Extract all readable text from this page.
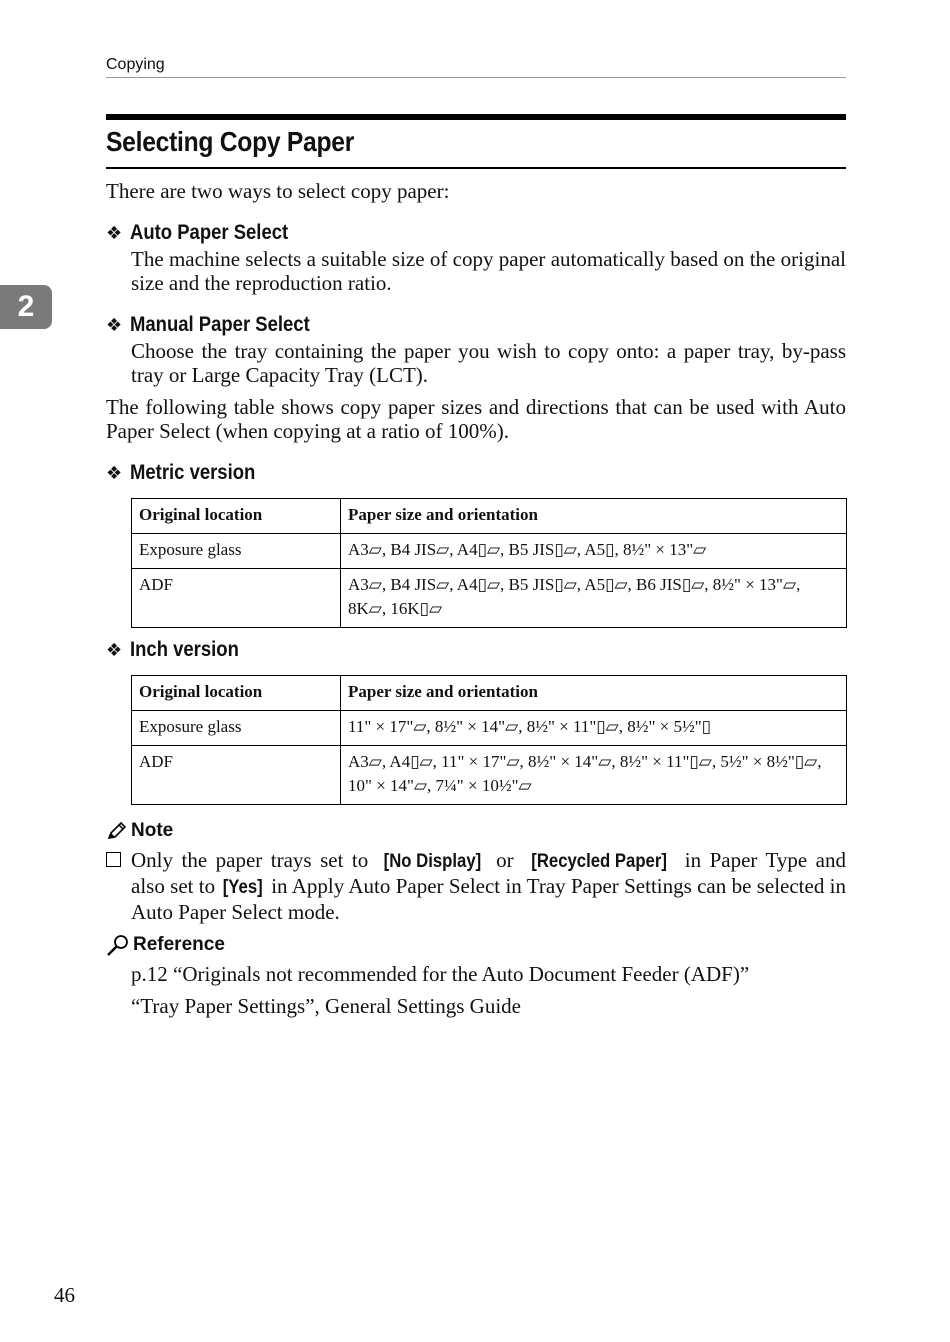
Copying
2
Selecting Copy Paper
There are two ways to select copy paper:
❖ Auto Paper Select
The machine selects a suitable size of copy paper automatically based on the original size and the reproduction ratio.
❖ Manual Paper Select
Choose the tray containing the paper you wish to copy onto: a paper tray, by-pass tray or Large Capacity Tray (LCT).
The following table shows copy paper sizes and directions that can be used with Auto Paper Select (when copying at a ratio of 100%).
❖ Metric version
Original location	Paper size and orientation
Exposure glass	A3▱, B4 JIS▱, A4▯▱, B5 JIS▯▱, A5▯, 8½" × 13"▱
ADF	A3▱, B4 JIS▱, A4▯▱, B5 JIS▯▱, A5▯▱, B6 JIS▯▱, 8½" × 13"▱, 8K▱, 16K▯▱
❖ Inch version
Original location	Paper size and orientation
Exposure glass	11" × 17"▱, 8½" × 14"▱, 8½" × 11"▯▱, 8½" × 5½"▯
ADF	A3▱, A4▯▱, 11" × 17"▱, 8½" × 14"▱, 8½" × 11"▯▱, 5½" × 8½"▯▱, 10" × 14"▱, 7¼" × 10½"▱
Note
Only the paper trays set to [No Display] or [Recycled Paper] in Paper Type and also set to [Yes] in Apply Auto Paper Select in Tray Paper Settings can be selected in Auto Paper Select mode.
Reference
p.12 “Originals not recommended for the Auto Document Feeder (ADF)”
“Tray Paper Settings”, General Settings Guide
46
